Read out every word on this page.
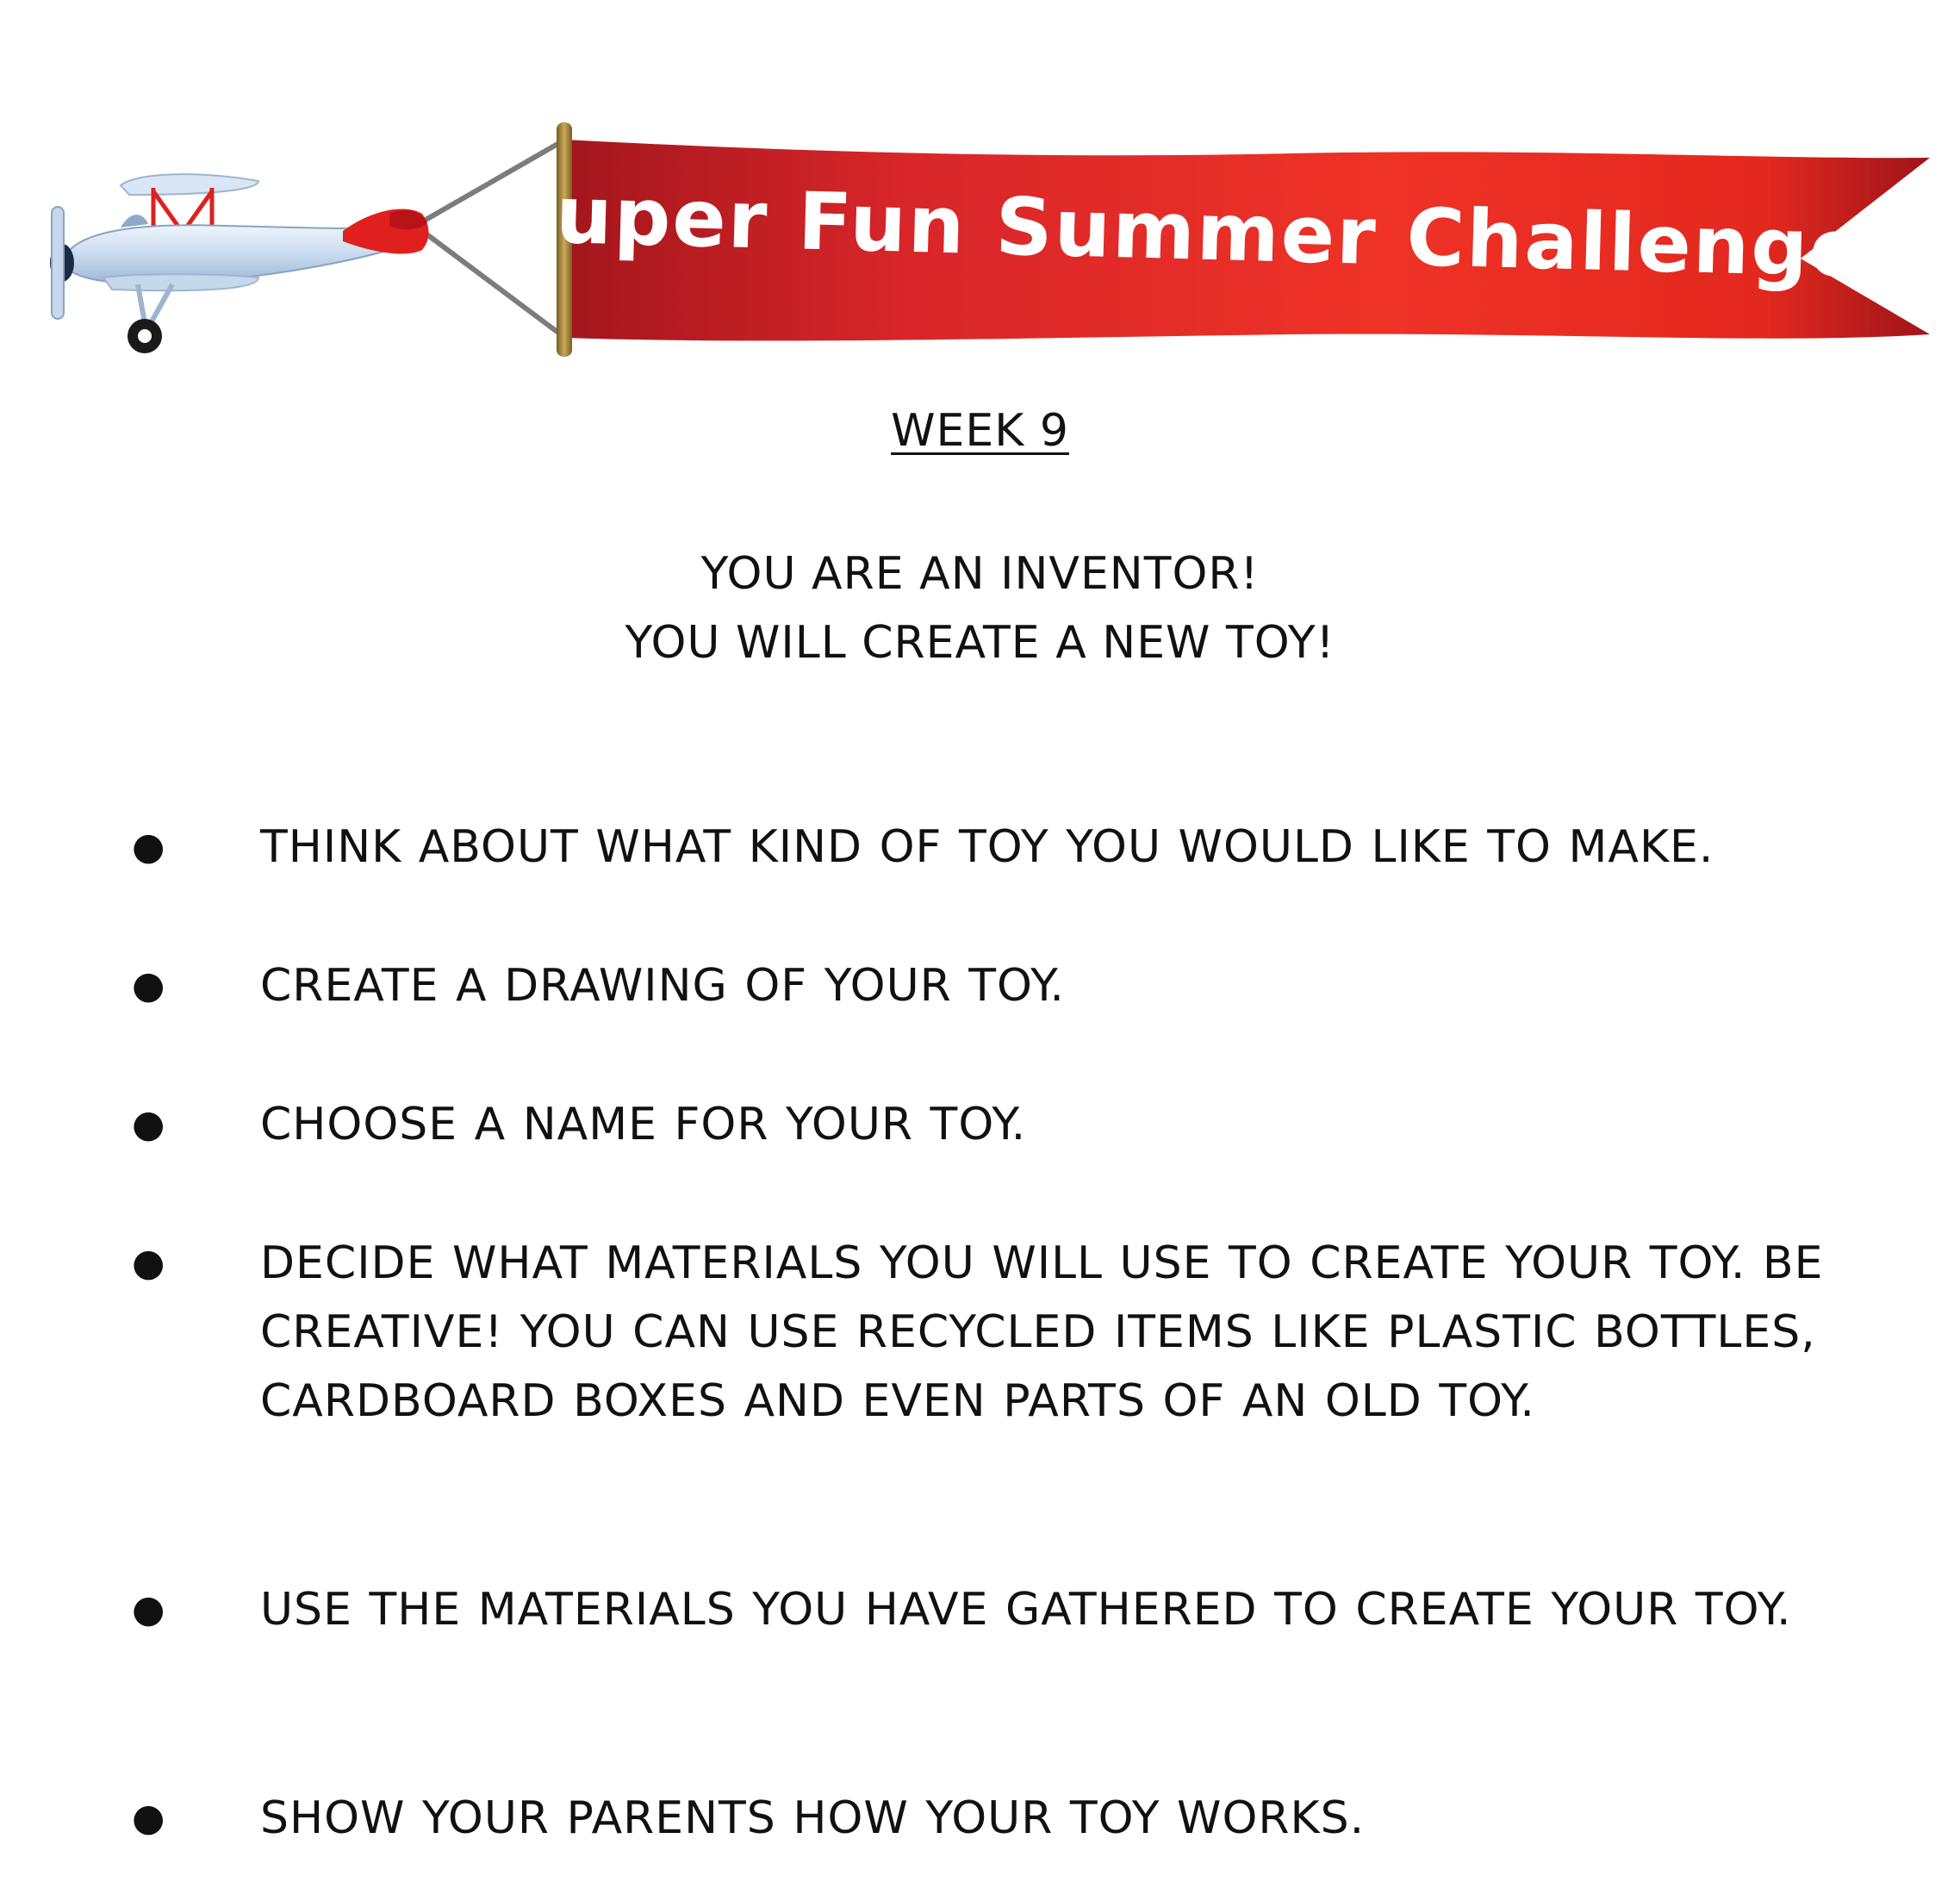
Super Fun Summer Challenge
WEEK 9
YOU ARE AN INVENTOR!
YOU WILL CREATE A NEW TOY!
● THINK ABOUT WHAT KIND OF TOY YOU WOULD LIKE TO MAKE.
● CREATE A DRAWING OF YOUR TOY.
● CHOOSE A NAME FOR YOUR TOY.
● DECIDE WHAT MATERIALS YOU WILL USE TO CREATE YOUR TOY. BE CREATIVE! YOU CAN USE RECYCLED ITEMS LIKE PLASTIC BOTTLES, CARDBOARD BOXES AND EVEN PARTS OF AN OLD TOY.
● USE THE MATERIALS YOU HAVE GATHERED TO CREATE YOUR TOY.
● SHOW YOUR PARENTS HOW YOUR TOY WORKS.
